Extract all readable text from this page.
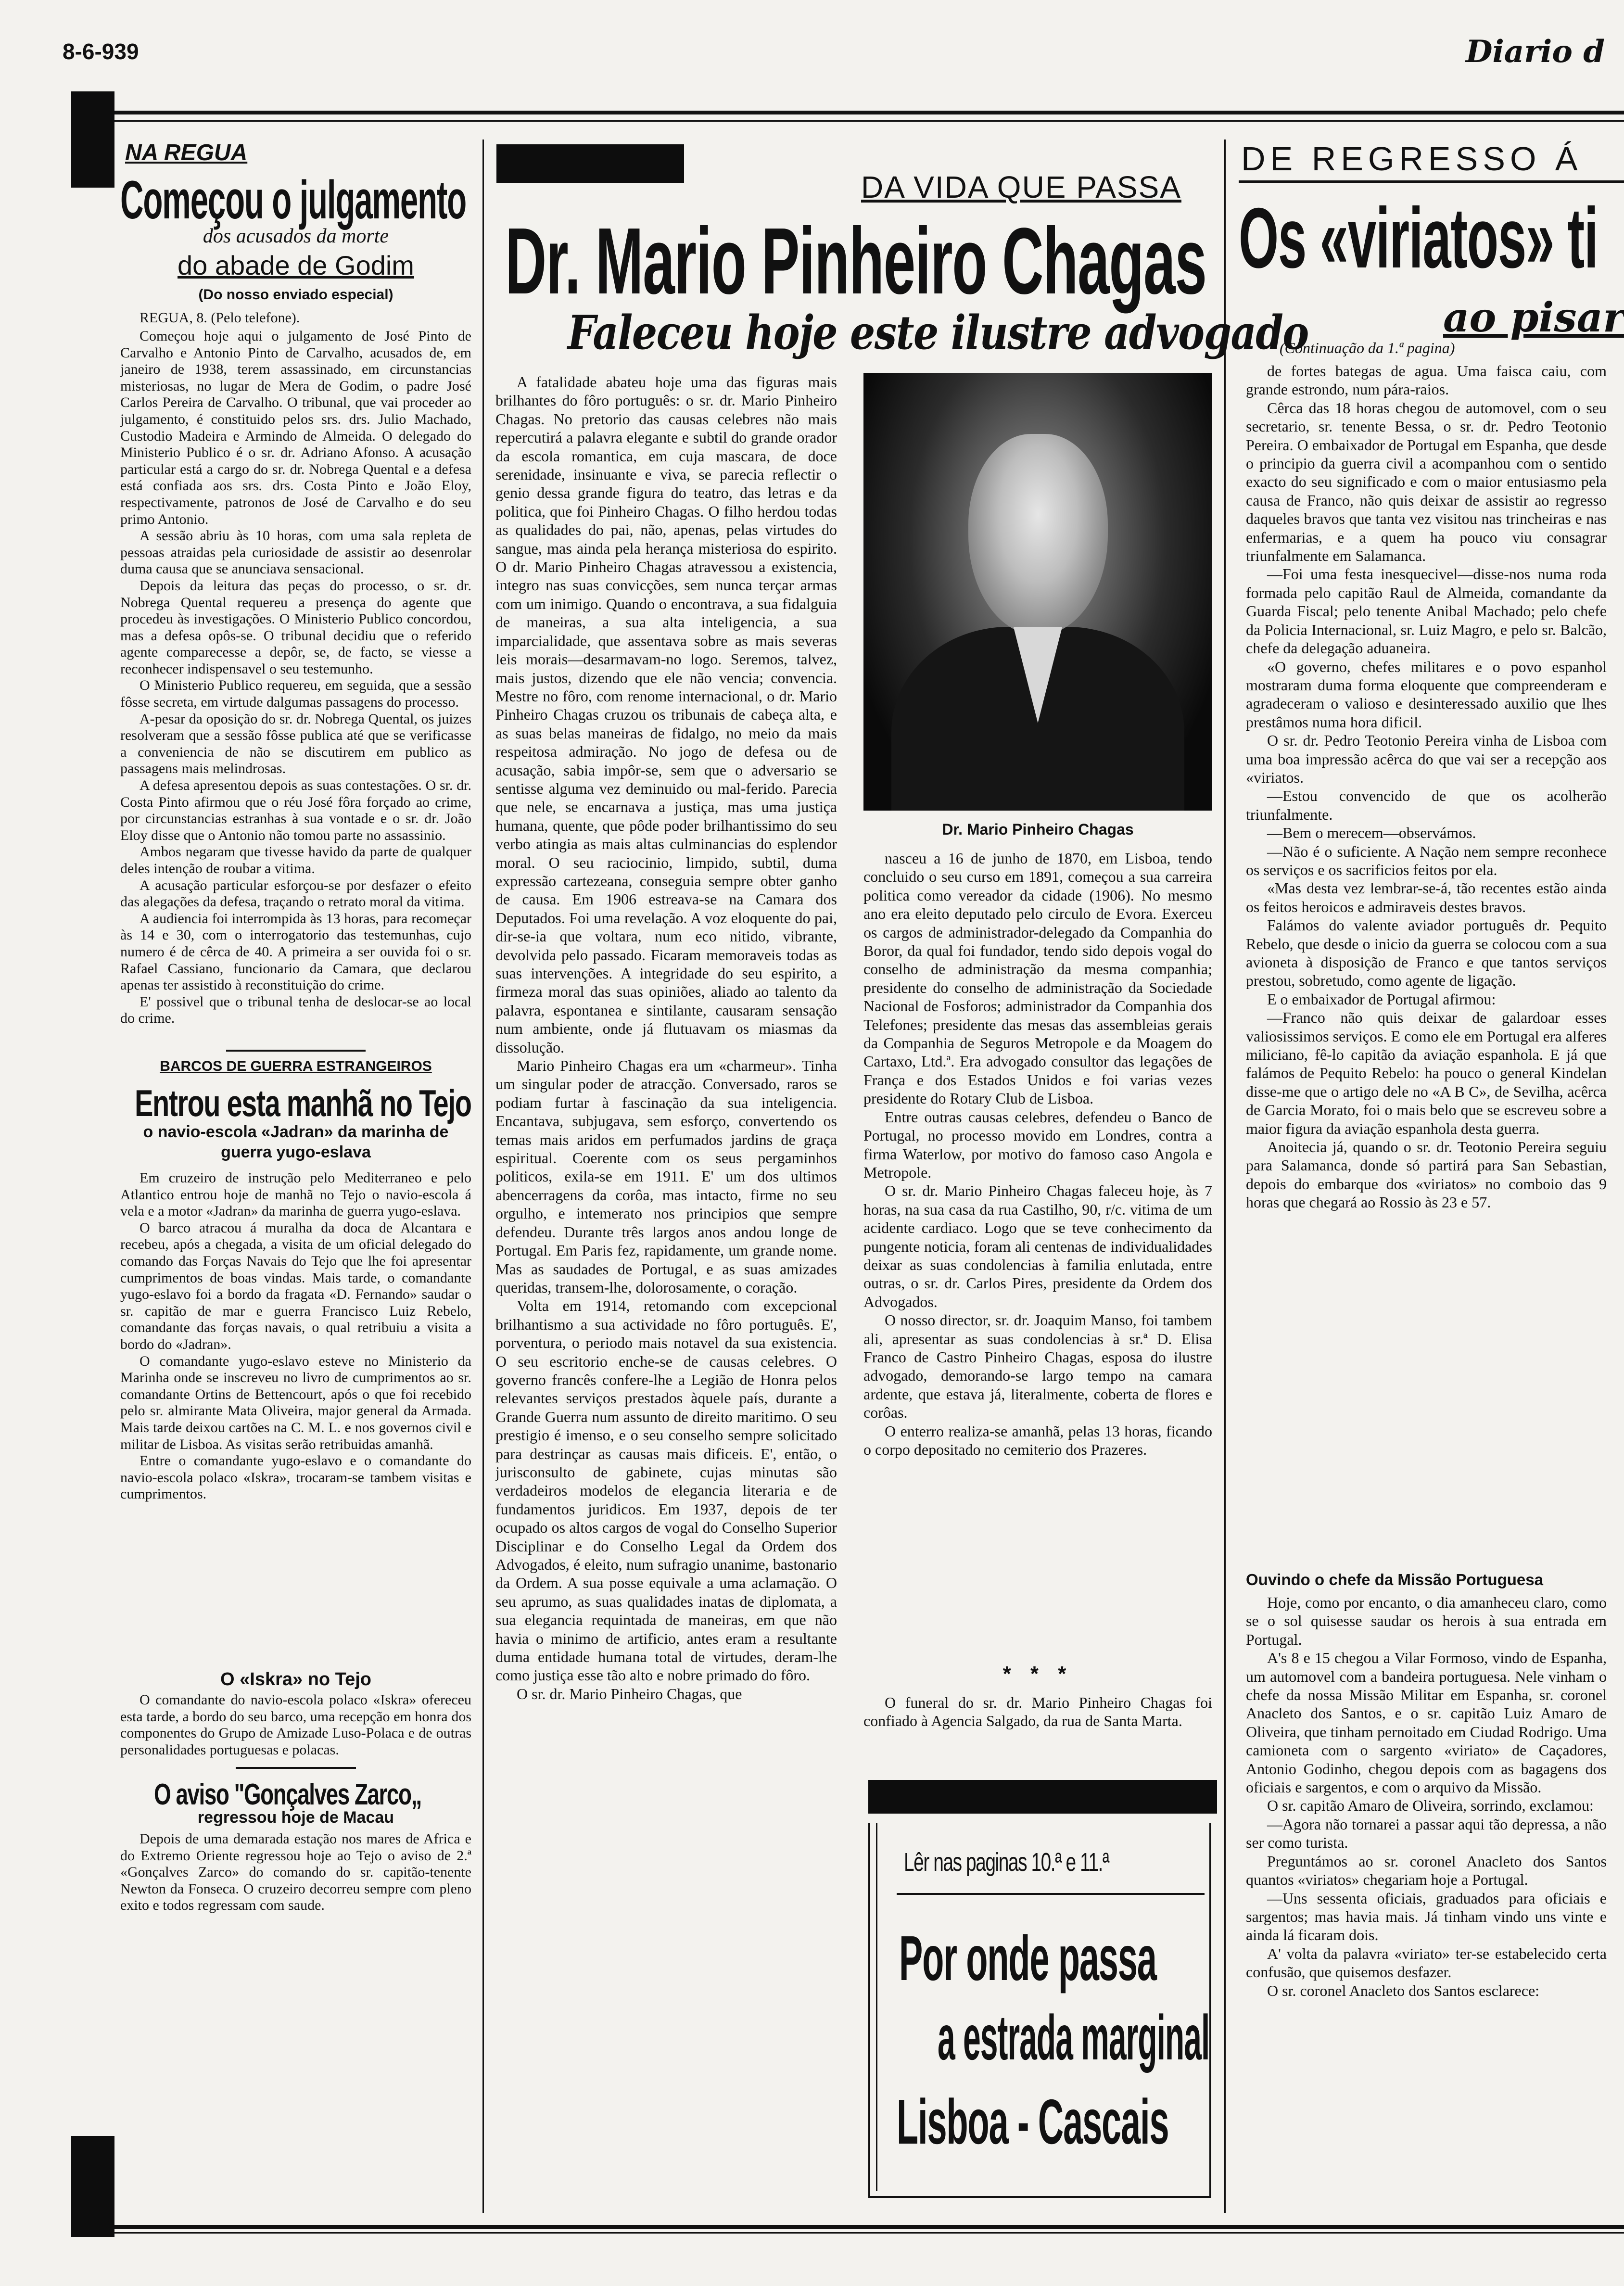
8-6-939	Diario d
NA REGUA
Começou o julgamento
dos acusados da morte
do abade de Godim
(Do nosso enviado especial)
REGUA, 8. (Pelo telefone).

Começou hoje aqui o julgamento de José Pinto de Carvalho e Antonio Pinto de Carvalho, acusados de, em janeiro de 1938, terem assassinado, em circunstancias misteriosas, no lugar de Mera de Godim, o padre José Carlos Pereira de Carvalho. O tribunal, que vai proceder ao julgamento, é constituido pelos srs. drs. Julio Machado, Custodio Madeira e Armindo de Almeida. O delegado do Ministerio Publico é o sr. dr. Adriano Afonso. A acusação particular está a cargo do sr. dr. Nobrega Quental e a defesa está confiada aos srs. drs. Costa Pinto e João Eloy, respectivamente, patronos de José de Carvalho e do seu primo Antonio.

A sessão abriu às 10 horas, com uma sala repleta de pessoas atraidas pela curiosidade de assistir ao desenrolar duma causa que se anunciava sensacional.

Depois da leitura das peças do processo, o sr. dr. Nobrega Quental requereu a presença do agente que procedeu às investigações. O Ministerio Publico concordou, mas a defesa opôs-se. O tribunal decidiu que o referido agente comparecesse a depôr, se, de facto, se viesse a reconhecer indispensavel o seu testemunho.

O Ministerio Publico requereu, em seguida, que a sessão fôsse secreta, em virtude dalgumas passagens do processo.

A-pesar da oposição do sr. dr. Nobrega Quental, os juizes resolveram que a sessão fôsse publica até que se verificasse a conveniencia de não se discutirem em publico as passagens mais melindrosas.

A defesa apresentou depois as suas contestações. O sr. dr. Costa Pinto afirmou que o réu José fôra forçado ao crime, por circunstancias estranhas à sua vontade e o sr. dr. João Eloy disse que o Antonio não tomou parte no assassinio.

Ambos negaram que tivesse havido da parte de qualquer deles intenção de roubar a vitima.

A acusação particular esforçou-se por desfazer o efeito das alegações da defesa, traçando o retrato moral da vitima.

A audiencia foi interrompida às 13 horas, para recomeçar às 14 e 30, com o interrogatorio das testemunhas, cujo numero é de cêrca de 40. A primeira a ser ouvida foi o sr. Rafael Cassiano, funcionario da Camara, que declarou apenas ter assistido à reconstituição do crime.

E' possivel que o tribunal tenha de deslocar-se ao local do crime.

BARCOS DE GUERRA ESTRANGEIROS
Entrou esta manhã no Tejo
o navio-escola «Jadran» da marinha de guerra yugo-eslava

Em cruzeiro de instrução pelo Mediterraneo e pelo Atlantico entrou hoje de manhã no Tejo o navio-escola á vela e a motor «Jadran» da marinha de guerra yugo-eslava.

O barco atracou á muralha da doca de Alcantara e recebeu, após a chegada, a visita de um oficial delegado do comando das Forças Navais do Tejo que lhe foi apresentar cumprimentos de boas vindas. Mais tarde, o comandante yugo-eslavo foi a bordo da fragata «D. Fernando» saudar o sr. capitão de mar e guerra Francisco Luiz Rebelo, comandante das forças navais, o qual retribuiu a visita a bordo do «Jadran».

O comandante yugo-eslavo esteve no Ministerio da Marinha onde se inscreveu no livro de cumprimentos ao sr. comandante Ortins de Bettencourt, após o que foi recebido pelo sr. almirante Mata Oliveira, major general da Armada. Mais tarde deixou cartões na C. M. L. e nos governos civil e militar de Lisboa. As visitas serão retribuidas amanhã.

Entre o comandante yugo-eslavo e o comandante do navio-escola polaco «Iskra», trocaram-se tambem visitas e cumprimentos.

O «Iskra» no Tejo

O comandante do navio-escola polaco «Iskra» ofereceu esta tarde, a bordo do seu barco, uma recepção em honra dos componentes do Grupo de Amizade Luso-Polaca e de outras personalidades portuguesas e polacas.

O aviso "Gonçalves Zarco„
regressou hoje de Macau

Depois de uma demarada estação nos mares de Africa e do Extremo Oriente regressou hoje ao Tejo o aviso de 2.ª «Gonçalves Zarco» do comando do sr. capitão-tenente Newton da Fonseca. O cruzeiro decorreu sempre com pleno exito e todos regressam com saude.

DA VIDA QUE PASSA
Dr. Mario Pinheiro Chagas
Faleceu hoje este ilustre advogado

A fatalidade abateu hoje uma das figuras mais brilhantes do fôro português: o sr. dr. Mario Pinheiro Chagas. No pretorio das causas celebres não mais repercutirá a palavra elegante e subtil do grande orador da escola romantica, em cuja mascara, de doce serenidade, insinuante e viva, se parecia reflectir o genio dessa grande figura do teatro, das letras e da politica, que foi Pinheiro Chagas. O filho herdou todas as qualidades do pai, não, apenas, pelas virtudes do sangue, mas ainda pela herança misteriosa do espirito. O dr. Mario Pinheiro Chagas atravessou a existencia, integro nas suas convicções, sem nunca terçar armas com um inimigo. Quando o encontrava, a sua fidalguia de maneiras, a sua alta inteligencia, a sua imparcialidade, que assentava sobre as mais severas leis morais—desarmavam-no logo. Seremos, talvez, mais justos, dizendo que ele não vencia; convencia. Mestre no fôro, com renome internacional, o dr. Mario Pinheiro Chagas cruzou os tribunais de cabeça alta, e as suas belas maneiras de fidalgo, no meio da mais respeitosa admiração. No jogo de defesa ou de acusação, sabia impôr-se, sem que o adversario se sentisse alguma vez deminuido ou mal-ferido. Parecia que nele, se encarnava a justiça, mas uma justiça humana, quente, que pôde poder brilhantissimo do seu verbo atingia as mais altas culminancias do esplendor moral. O seu raciocinio, limpido, subtil, duma expressão cartezeana, conseguia sempre obter ganho de causa. Em 1906 estreava-se na Camara dos Deputados. Foi uma revelação. A voz eloquente do pai, dir-se-ia que voltara, num eco nitido, vibrante, devolvida pelo passado. Ficaram memoraveis todas as suas intervenções. A integridade do seu espirito, a firmeza moral das suas opiniões, aliado ao talento da palavra, espontanea e sintilante, causaram sensação num ambiente, onde já flutuavam os miasmas da dissolução.

Mario Pinheiro Chagas era um «charmeur». Tinha um singular poder de atracção. Conversado, raros se podiam furtar à fascinação da sua inteligencia. Encantava, subjugava, sem esforço, convertendo os temas mais aridos em perfumados jardins de graça espiritual. Coerente com os seus pergaminhos politicos, exila-se em 1911. E' um dos ultimos abencerragens da corôa, mas intacto, firme no seu orgulho, e intemerato nos principios que sempre defendeu. Durante três largos anos andou longe de Portugal. Em Paris fez, rapidamente, um grande nome. Mas as saudades de Portugal, e as suas amizades queridas, transem-lhe, dolorosamente, o coração.

Volta em 1914, retomando com excepcional brilhantismo a sua actividade no fôro português. E', porventura, o periodo mais notavel da sua existencia. O seu escritorio enche-se de causas celebres. O governo francês confere-lhe a Legião de Honra pelos relevantes serviços prestados àquele país, durante a Grande Guerra num assunto de direito maritimo. O seu prestigio é imenso, e o seu conselho sempre solicitado para destrinçar as causas mais dificeis. E', então, o jurisconsulto de gabinete, cujas minutas são verdadeiros modelos de elegancia literaria e de fundamentos juridicos. Em 1937, depois de ter ocupado os altos cargos de vogal do Conselho Superior Disciplinar e do Conselho Legal da Ordem dos Advogados, é eleito, num sufragio unanime, bastonario da Ordem. A sua posse equivale a uma aclamação. O seu aprumo, as suas qualidades inatas de diplomata, a sua elegancia requintada de maneiras, em que não havia o minimo de artificio, antes eram a resultante duma entidade humana total de virtudes, deram-lhe como justiça esse tão alto e nobre primado do fôro.

O sr. dr. Mario Pinheiro Chagas, que

Dr. Mario Pinheiro Chagas

nasceu a 16 de junho de 1870, em Lisboa, tendo concluido o seu curso em 1891, começou a sua carreira politica como vereador da cidade (1906). No mesmo ano era eleito deputado pelo circulo de Evora. Exerceu os cargos de administrador-delegado da Companhia do Boror, da qual foi fundador, tendo sido depois vogal do conselho de administração da mesma companhia; presidente do conselho de administração da Sociedade Nacional de Fosforos; administrador da Companhia dos Telefones; presidente das mesas das assembleias gerais da Companhia de Seguros Metropole e da Moagem do Cartaxo, Ltd.ª. Era advogado consultor das legações de França e dos Estados Unidos e foi varias vezes presidente do Rotary Club de Lisboa.

Entre outras causas celebres, defendeu o Banco de Portugal, no processo movido em Londres, contra a firma Waterlow, por motivo do famoso caso Angola e Metropole.

O sr. dr. Mario Pinheiro Chagas faleceu hoje, às 7 horas, na sua casa da rua Castilho, 90, r/c. vitima de um acidente cardiaco. Logo que se teve conhecimento da pungente noticia, foram ali centenas de individualidades deixar as suas condolencias à familia enlutada, entre outras, o sr. dr. Carlos Pires, presidente da Ordem dos Advogados.

O nosso director, sr. dr. Joaquim Manso, foi tambem ali, apresentar as suas condolencias à sr.ª D. Elisa Franco de Castro Pinheiro Chagas, esposa do ilustre advogado, demorando-se largo tempo na camara ardente, que estava já, literalmente, coberta de flores e corôas.

O enterro realiza-se amanhã, pelas 13 horas, ficando o corpo depositado no cemiterio dos Prazeres.

* * *

O funeral do sr. dr. Mario Pinheiro Chagas foi confiado à Agencia Salgado, da rua de Santa Marta.

Lêr nas paginas 10.ª e 11.ª
Por onde passa
a estrada marginal
Lisboa - Cascais
DE REGRESSO Á
Os «viriatos» ti
ao pisar
(Continuação da 1.ª pagina)

de fortes bategas de agua. Uma faisca caiu, com grande estrondo, num pára-raios.

Cêrca das 18 horas chegou de automovel, com o seu secretario, sr. tenente Bessa, o sr. dr. Pedro Teotonio Pereira. O embaixador de Portugal em Espanha, que desde o principio da guerra civil a acompanhou com o sentido exacto do seu significado e com o maior entusiasmo pela causa de Franco, não quis deixar de assistir ao regresso daqueles bravos que tanta vez visitou nas trincheiras e nas enfermarias, e a quem ha pouco viu consagrar triunfalmente em Salamanca.

—Foi uma festa inesquecivel—disse-nos numa roda formada pelo capitão Raul de Almeida, comandante da Guarda Fiscal; pelo tenente Anibal Machado; pelo chefe da Policia Internacional, sr. Luiz Magro, e pelo sr. Balcão, chefe da delegação aduaneira.

«O governo, chefes militares e o povo espanhol mostraram duma forma eloquente que compreenderam e agradeceram o valioso e desinteressado auxilio que lhes prestâmos numa hora dificil.

O sr. dr. Pedro Teotonio Pereira vinha de Lisboa com uma boa impressão acêrca do que vai ser a recepção aos «viriatos.

—Estou convencido de que os acolherão triunfalmente.

—Bem o merecem—observámos.

—Não é o suficiente. A Nação nem sempre reconhece os serviços e os sacrificios feitos por ela.

«Mas desta vez lembrar-se-á, tão recentes estão ainda os feitos heroicos e admiraveis destes bravos.

Falámos do valente aviador português dr. Pequito Rebelo, que desde o inicio da guerra se colocou com a sua avioneta à disposição de Franco e que tantos serviços prestou, sobretudo, como agente de ligação.

E o embaixador de Portugal afirmou:

—Franco não quis deixar de galardoar esses valiosissimos serviços. E como ele em Portugal era alferes miliciano, fê-lo capitão da aviação espanhola. E já que falámos de Pequito Rebelo: ha pouco o general Kindelan disse-me que o artigo dele no «A B C», de Sevilha, acêrca de Garcia Morato, foi o mais belo que se escreveu sobre a maior figura da aviação espanhola desta guerra.

Anoitecia já, quando o sr. dr. Teotonio Pereira seguiu para Salamanca, donde só partirá para San Sebastian, depois do embarque dos «viriatos» no comboio das 9 horas que chegará ao Rossio às 23 e 57.

Ouvindo o chefe da Missão Portuguesa

Hoje, como por encanto, o dia amanheceu claro, como se o sol quisesse saudar os herois à sua entrada em Portugal.

A's 8 e 15 chegou a Vilar Formoso, vindo de Espanha, um automovel com a bandeira portuguesa. Nele vinham o chefe da nossa Missão Militar em Espanha, sr. coronel Anacleto dos Santos, e o sr. capitão Luiz Amaro de Oliveira, que tinham pernoitado em Ciudad Rodrigo. Uma camioneta com o sargento «viriato» de Caçadores, Antonio Godinho, chegou depois com as bagagens dos oficiais e sargentos, e com o arquivo da Missão.

O sr. capitão Amaro de Oliveira, sorrindo, exclamou:

—Agora não tornarei a passar aqui tão depressa, a não ser como turista.

Preguntámos ao sr. coronel Anacleto dos Santos quantos «viriatos» chegariam hoje a Portugal.

—Uns sessenta oficiais, graduados para oficiais e sargentos; mas havia mais. Já tinham vindo uns vinte e ainda lá ficaram dois.

A' volta da palavra «viriato» ter-se estabelecido certa confusão, que quisemos desfazer.

O sr. coronel Anacleto dos Santos esclarece:
